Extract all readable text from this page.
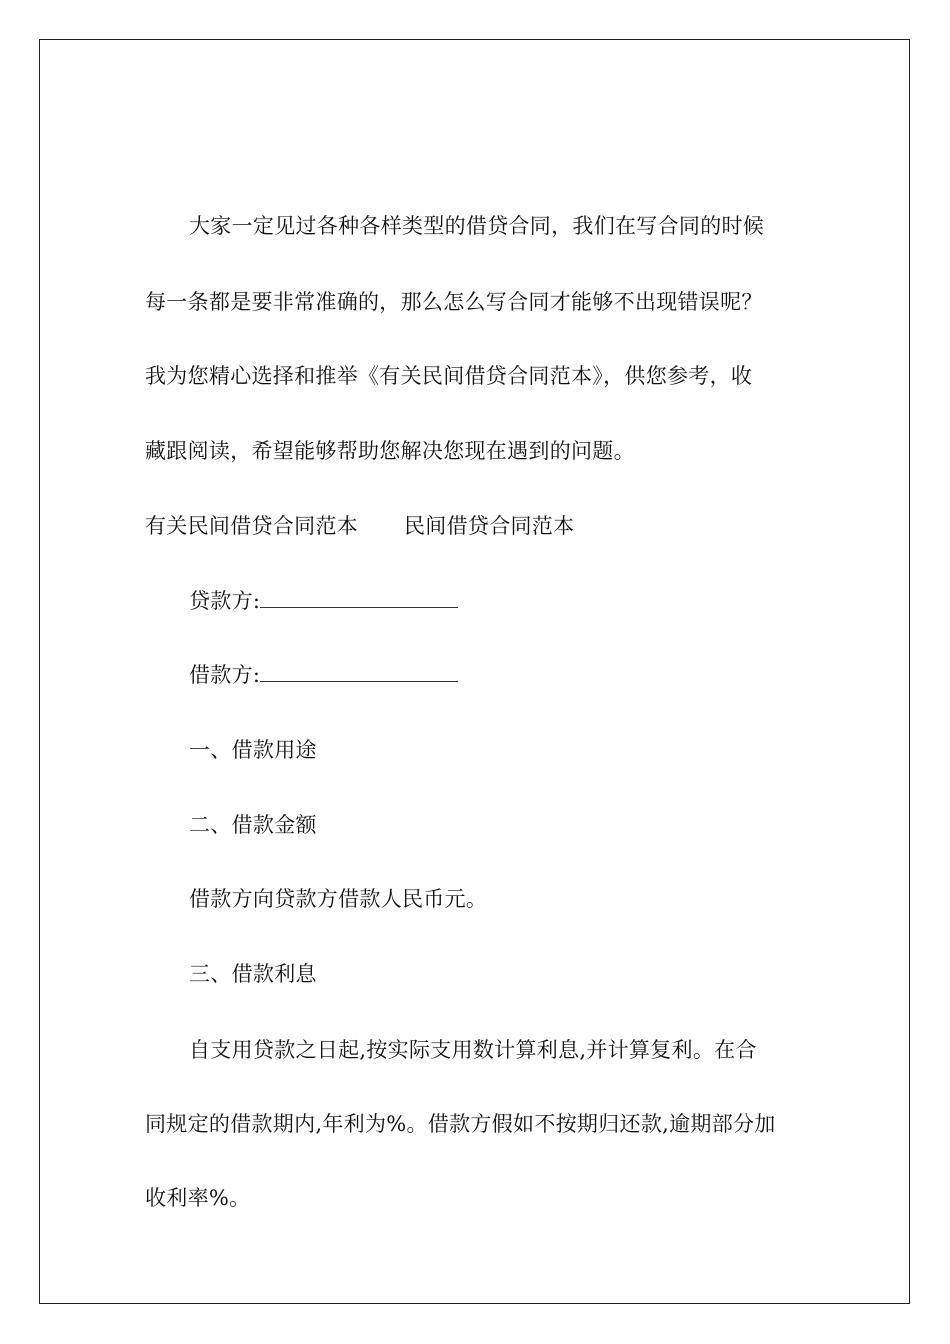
大家一定见过各种各样类型的借贷合同，我们在写合同的时候
每一条都是要非常准确的，那么怎么写合同才能够不出现错误呢？
我为您精心选择和推举《有关民间借贷合同范本》，供您参考，收
藏跟阅读，希望能够帮助您解决您现在遇到的问题。
有关民间借贷合同范本 民间借贷合同范本
贷款方:
借款方:
一、借款用途
二、借款金额
借款方向贷款方借款人民币元。
三、借款利息
自支用贷款之日起,按实际支用数计算利息,并计算复利。在合
同规定的借款期内,年利为%。借款方假如不按期归还款,逾期部分加
收利率%。
